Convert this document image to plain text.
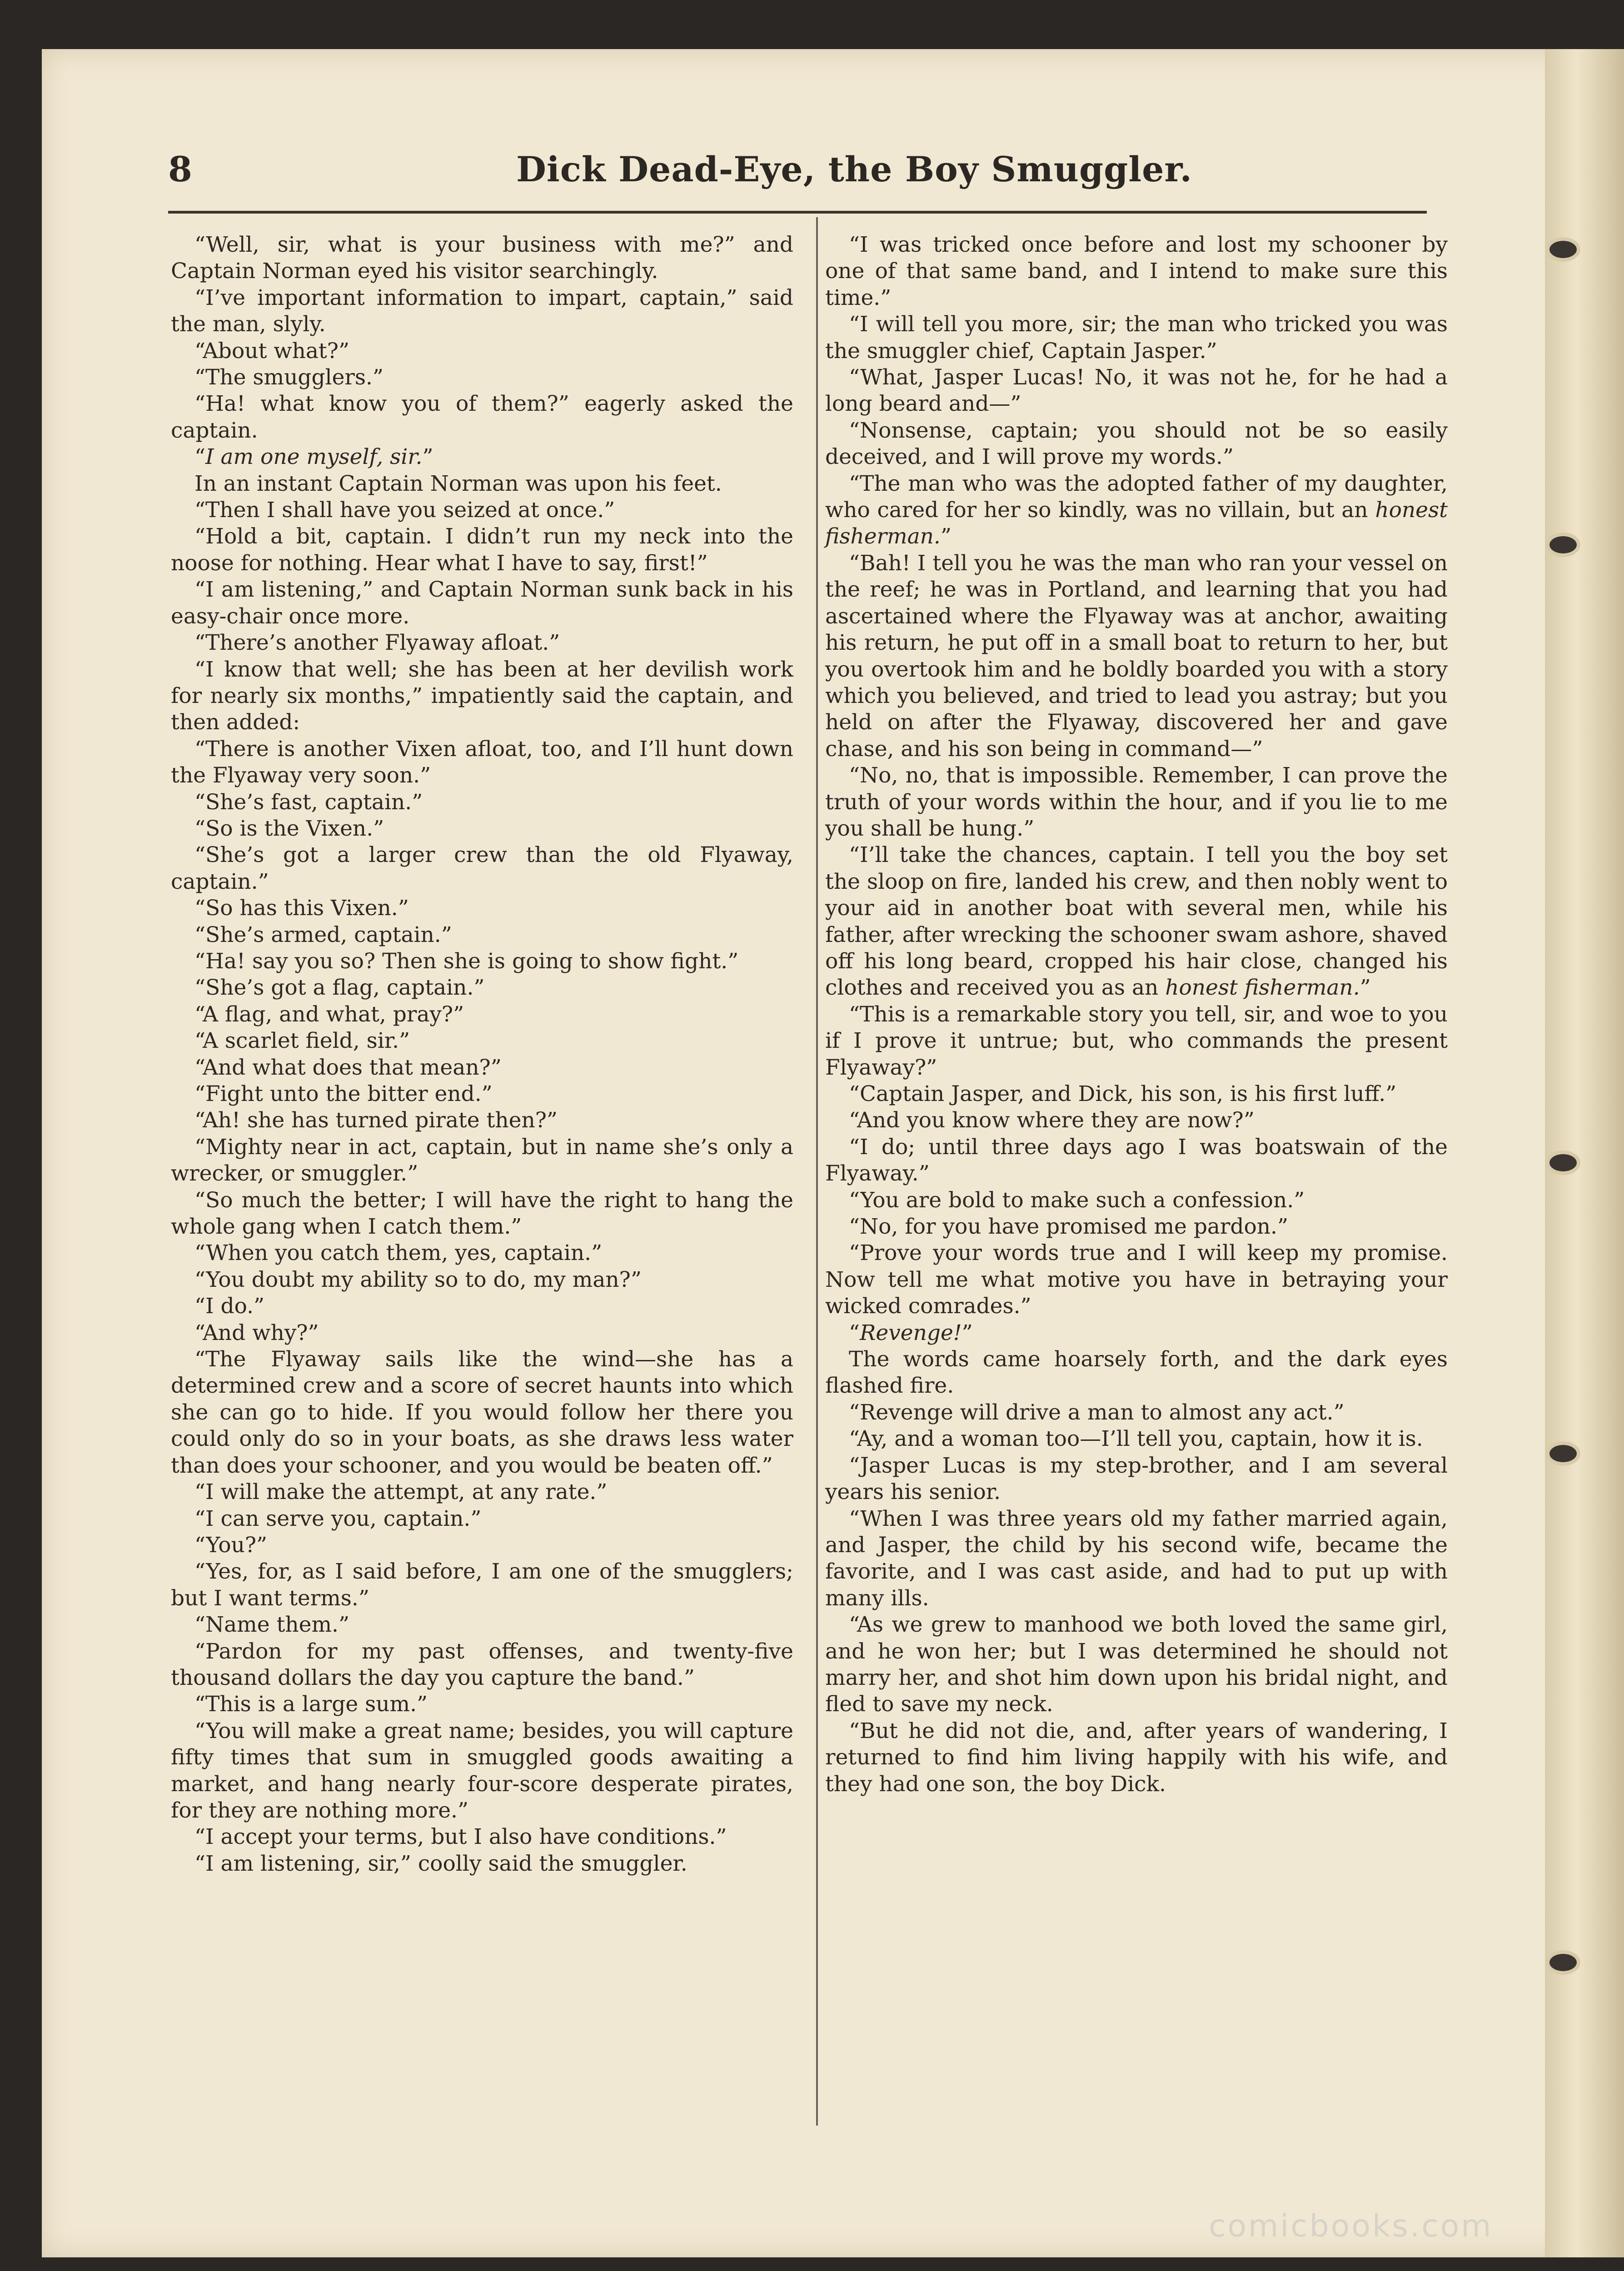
8	Dick Dead-Eye, the Boy Smuggler.

“Well, sir, what is your business with me?” and Captain Norman eyed his visitor searchingly.

“I’ve important information to impart, captain,” said the man, slyly.

“About what?”

“The smugglers.”

“Ha! what know you of them?” eagerly asked the captain.

“I am one myself, sir.”

In an instant Captain Norman was upon his feet.

“Then I shall have you seized at once.”

“Hold a bit, captain. I didn’t run my neck into the noose for nothing. Hear what I have to say, first!”

“I am listening,” and Captain Norman sunk back in his easy-chair once more.

“There’s another Flyaway afloat.”

“I know that well; she has been at her devilish work for nearly six months,” impatiently said the captain, and then added:

“There is another Vixen afloat, too, and I’ll hunt down the Flyaway very soon.”

“She’s fast, captain.”

“So is the Vixen.”

“She’s got a larger crew than the old Flyaway, captain.”

“So has this Vixen.”

“She’s armed, captain.”

“Ha! say you so? Then she is going to show fight.”

“She’s got a flag, captain.”

“A flag, and what, pray?”

“A scarlet field, sir.”

“And what does that mean?”

“Fight unto the bitter end.”

“Ah! she has turned pirate then?”

“Mighty near in act, captain, but in name she’s only a wrecker, or smuggler.”

“So much the better; I will have the right to hang the whole gang when I catch them.”

“When you catch them, yes, captain.”

“You doubt my ability so to do, my man?”

“I do.”

“And why?”

“The Flyaway sails like the wind—she has a determined crew and a score of secret haunts into which she can go to hide. If you would follow her there you could only do so in your boats, as she draws less water than does your schooner, and you would be beaten off.”

“I will make the attempt, at any rate.”

“I can serve you, captain.”

“You?”

“Yes, for, as I said before, I am one of the smugglers; but I want terms.”

“Name them.”

“Pardon for my past offenses, and twenty-five thousand dollars the day you capture the band.”

“This is a large sum.”

“You will make a great name; besides, you will capture fifty times that sum in smuggled goods awaiting a market, and hang nearly four-score desperate pirates, for they are nothing more.”

“I accept your terms, but I also have conditions.”

“I am listening, sir,” coolly said the smuggler.

“I was tricked once before and lost my schooner by one of that same band, and I intend to make sure this time.”

“I will tell you more, sir; the man who tricked you was the smuggler chief, Captain Jasper.”

“What, Jasper Lucas! No, it was not he, for he had a long beard and—”

“Nonsense, captain; you should not be so easily deceived, and I will prove my words.”

“The man who was the adopted father of my daughter, who cared for her so kindly, was no villain, but an honest fisherman.”

“Bah! I tell you he was the man who ran your vessel on the reef; he was in Portland, and learning that you had ascertained where the Flyaway was at anchor, awaiting his return, he put off in a small boat to return to her, but you overtook him and he boldly boarded you with a story which you believed, and tried to lead you astray; but you held on after the Flyaway, discovered her and gave chase, and his son being in command—”

“No, no, that is impossible. Remember, I can prove the truth of your words within the hour, and if you lie to me you shall be hung.”

“I’ll take the chances, captain. I tell you the boy set the sloop on fire, landed his crew, and then nobly went to your aid in another boat with several men, while his father, after wrecking the schooner swam ashore, shaved off his long beard, cropped his hair close, changed his clothes and received you as an honest fisherman.”

“This is a remarkable story you tell, sir, and woe to you if I prove it untrue; but, who commands the present Flyaway?”

“Captain Jasper, and Dick, his son, is his first luff.”

“And you know where they are now?”

“I do; until three days ago I was boatswain of the Flyaway.”

“You are bold to make such a confession.”

“No, for you have promised me pardon.”

“Prove your words true and I will keep my promise. Now tell me what motive you have in betraying your wicked comrades.”

“Revenge!”

The words came hoarsely forth, and the dark eyes flashed fire.

“Revenge will drive a man to almost any act.”

“Ay, and a woman too—I’ll tell you, captain, how it is.

“Jasper Lucas is my step-brother, and I am several years his senior.

“When I was three years old my father married again, and Jasper, the child by his second wife, became the favorite, and I was cast aside, and had to put up with many ills.

“As we grew to manhood we both loved the same girl, and he won her; but I was determined he should not marry her, and shot him down upon his bridal night, and fled to save my neck.

“But he did not die, and, after years of wandering, I returned to find him living happily with his wife, and they had one son, the boy Dick.

comicbooks.com
